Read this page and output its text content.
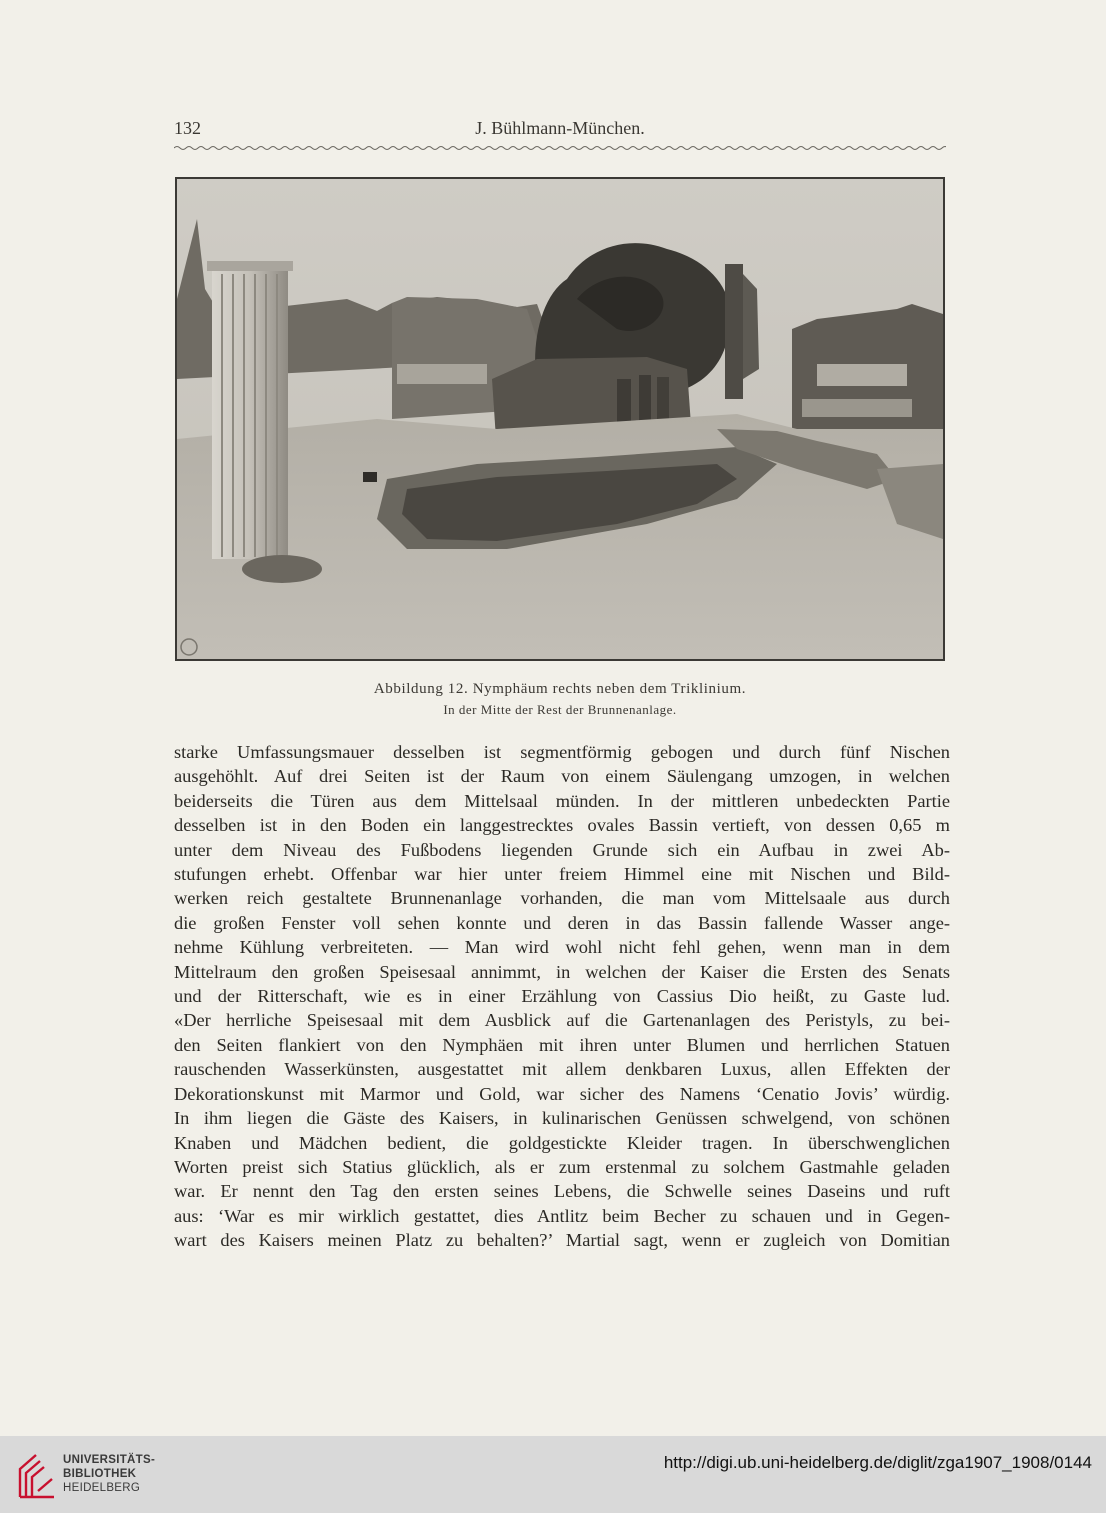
132	J. Bühlmann-München.
Abbildung 12. Nymphäum rechts neben dem Triklinium.
In der Mitte der Rest der Brunnenanlage.
starke Umfassungsmauer desselben ist segmentförmig gebogen und durch fünf Nischen
ausgehöhlt. Auf drei Seiten ist der Raum von einem Säulengang umzogen, in welchen
beiderseits die Türen aus dem Mittelsaal münden. In der mittleren unbedeckten Partie
desselben ist in den Boden ein langgestrecktes ovales Bassin vertieft, von dessen 0,65 m
unter dem Niveau des Fußbodens liegenden Grunde sich ein Aufbau in zwei Ab-
stufungen erhebt. Offenbar war hier unter freiem Himmel eine mit Nischen und Bild-
werken reich gestaltete Brunnenanlage vorhanden, die man vom Mittelsaale aus durch
die großen Fenster voll sehen konnte und deren in das Bassin fallende Wasser ange-
nehme Kühlung verbreiteten. — Man wird wohl nicht fehl gehen, wenn man in dem
Mittelraum den großen Speisesaal annimmt, in welchen der Kaiser die Ersten des Senats
und der Ritterschaft, wie es in einer Erzählung von Cassius Dio heißt, zu Gaste lud.
«Der herrliche Speisesaal mit dem Ausblick auf die Gartenanlagen des Peristyls, zu bei-
den Seiten flankiert von den Nymphäen mit ihren unter Blumen und herrlichen Statuen
rauschenden Wasserkünsten, ausgestattet mit allem denkbaren Luxus, allen Effekten der
Dekorationskunst mit Marmor und Gold, war sicher des Namens ‘Cenatio Jovis’ würdig.
In ihm liegen die Gäste des Kaisers, in kulinarischen Genüssen schwelgend, von schönen
Knaben und Mädchen bedient, die goldgestickte Kleider tragen. In überschwenglichen
Worten preist sich Statius glücklich, als er zum erstenmal zu solchem Gastmahle geladen
war. Er nennt den Tag den ersten seines Lebens, die Schwelle seines Daseins und ruft
aus: ‘War es mir wirklich gestattet, dies Antlitz beim Becher zu schauen und in Gegen-
wart des Kaisers meinen Platz zu behalten?’ Martial sagt, wenn er zugleich von Domitian
UNIVERSITÄTS-
BIBLIOTHEK
HEIDELBERG
http://digi.ub.uni-heidelberg.de/diglit/zga1907_1908/0144
